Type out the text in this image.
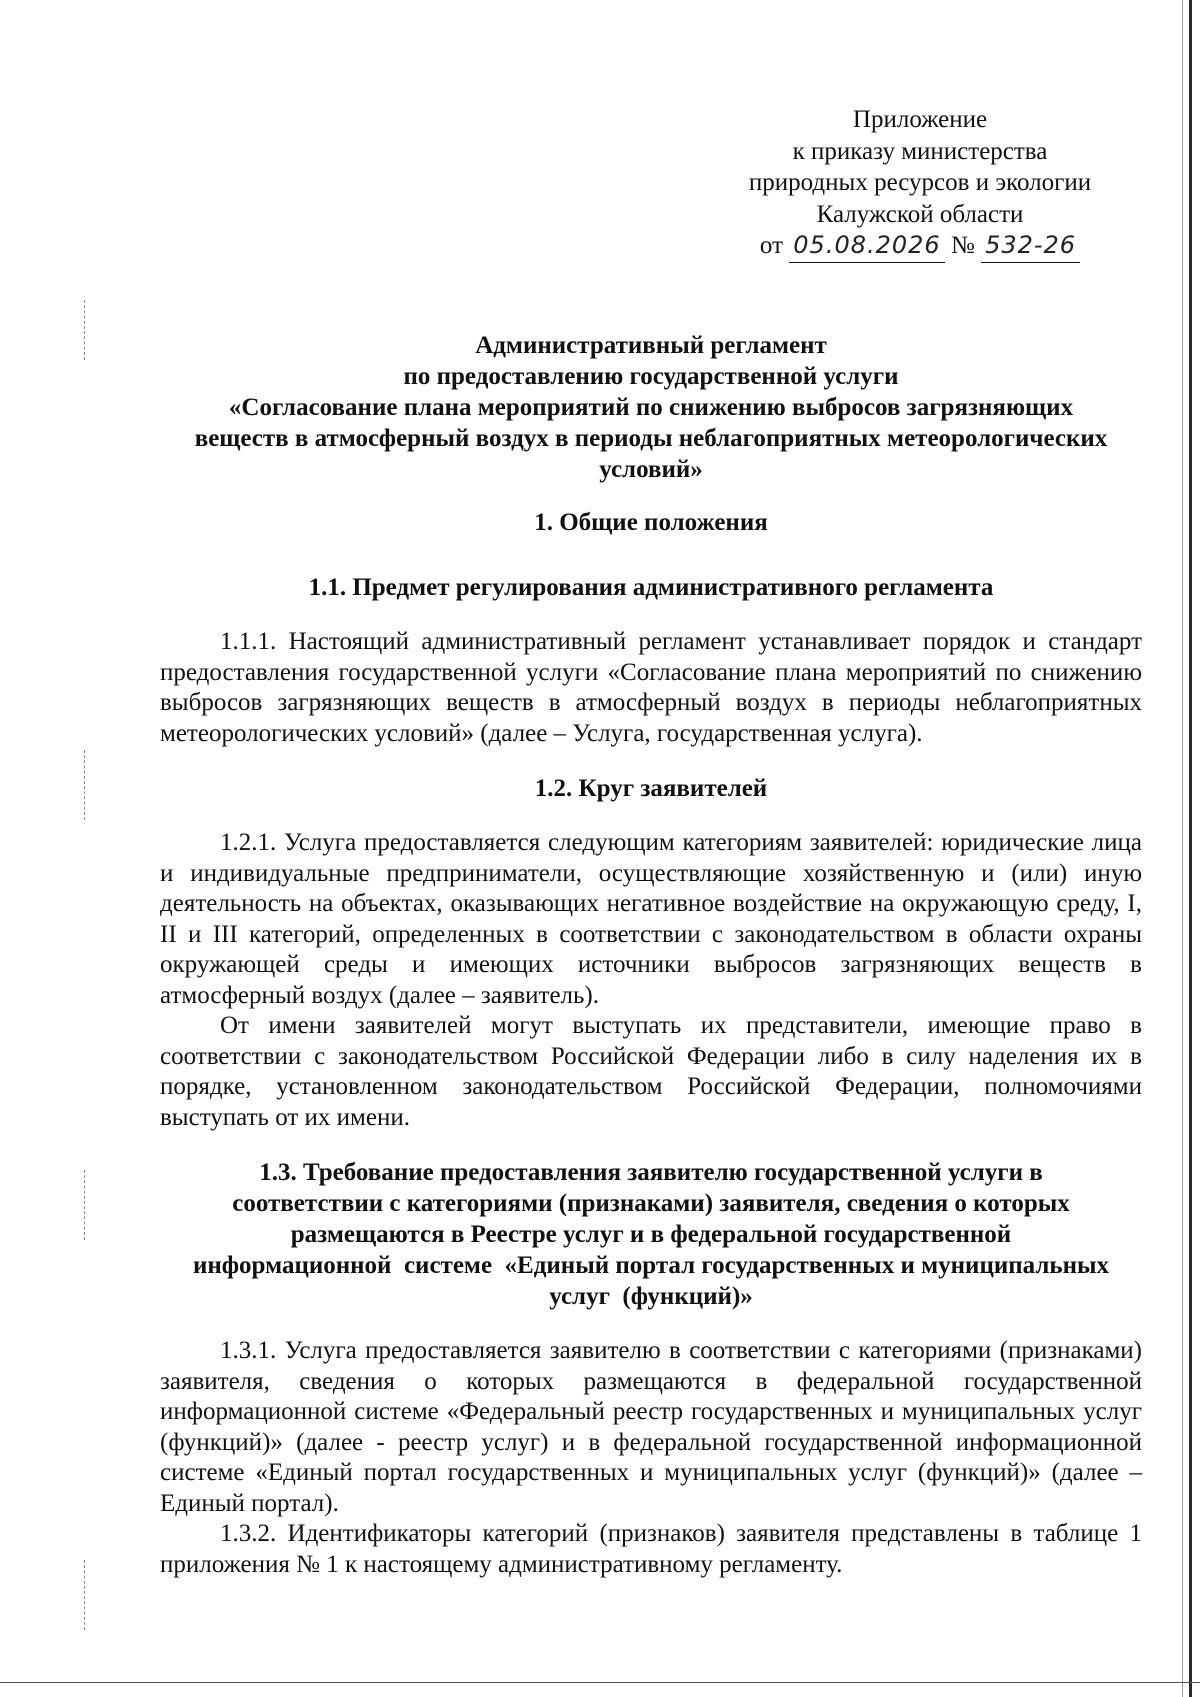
Приложение
к приказу министерства
природных ресурсов и экологии
Калужской области
от 05.08.2026 № 532-26
Административный регламент
по предоставлению государственной услуги
«Согласование плана мероприятий по снижению выбросов загрязняющих
веществ в атмосферный воздух в периоды неблагоприятных метеорологических
условий»

1. Общие положения

1.1. Предмет регулирования административного регламента

1.1.1. Настоящий административный регламент устанавливает порядок и стандарт предоставления государственной услуги «Согласование плана мероприятий по снижению выбросов загрязняющих веществ в атмосферный воздух в периоды неблагоприятных метеорологических условий» (далее – Услуга, государственная услуга).

1.2. Круг заявителей

1.2.1. Услуга предоставляется следующим категориям заявителей: юридические лица и индивидуальные предприниматели, осуществляющие хозяйственную и (или) иную деятельность на объектах, оказывающих негативное воздействие на окружающую среду, I, II и III категорий, определенных в соответствии с законодательством в области охраны окружающей среды и имеющих источники выбросов загрязняющих веществ в атмосферный воздух (далее – заявитель).

От имени заявителей могут выступать их представители, имеющие право в соответствии с законодательством Российской Федерации либо в силу наделения их в порядке, установленном законодательством Российской Федерации, полномочиями выступать от их имени.

1.3. Требование предоставления заявителю государственной услуги в
соответствии с категориями (признаками) заявителя, сведения о которых
размещаются в Реестре услуг и в федеральной государственной
информационной  системе  «Единый портал государственных и муниципальных
услуг  (функций)»

1.3.1. Услуга предоставляется заявителю в соответствии с категориями (признаками) заявителя, сведения о которых размещаются в федеральной государственной информационной системе «Федеральный реестр государственных и муниципальных услуг (функций)» (далее - реестр услуг) и в федеральной государственной информационной системе «Единый портал государственных и муниципальных услуг (функций)» (далее – Единый портал).

1.3.2. Идентификаторы категорий (признаков) заявителя представлены в таблице 1 приложения № 1 к настоящему административному регламенту.
